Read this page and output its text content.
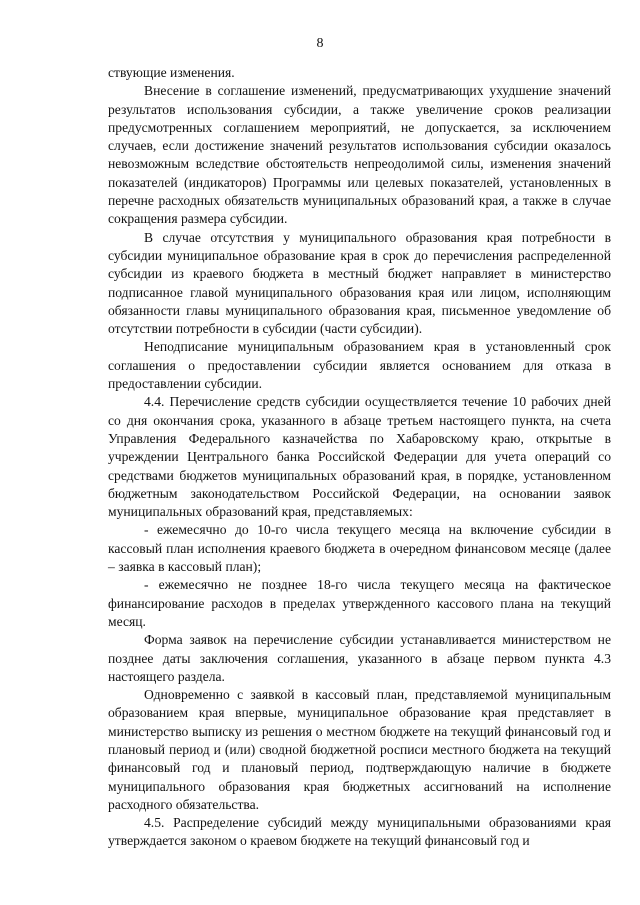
8

ствующие изменения.

Внесение в соглашение изменений, предусматривающих ухудшение значений результатов использования субсидии, а также увеличение сроков реализации предусмотренных соглашением мероприятий, не допускается, за исключением случаев, если достижение значений результатов использования субсидии оказалось невозможным вследствие обстоятельств непреодолимой силы, изменения значений показателей (индикаторов) Программы или целевых показателей, установленных в перечне расходных обязательств муниципальных образований края, а также в случае сокращения размера субсидии.

В случае отсутствия у муниципального образования края потребности в субсидии муниципальное образование края в срок до перечисления распределенной субсидии из краевого бюджета в местный бюджет направляет в министерство подписанное главой муниципального образования края или лицом, исполняющим обязанности главы муниципального образования края, письменное уведомление об отсутствии потребности в субсидии (части субсидии).

Неподписание муниципальным образованием края в установленный срок соглашения о предоставлении субсидии является основанием для отказа в предоставлении субсидии.

4.4. Перечисление средств субсидии осуществляется течение 10 рабочих дней со дня окончания срока, указанного в абзаце третьем настоящего пункта, на счета Управления Федерального казначейства по Хабаровскому краю, открытые в учреждении Центрального банка Российской Федерации для учета операций со средствами бюджетов муниципальных образований края, в порядке, установленном бюджетным законодательством Российской Федерации, на основании заявок муниципальных образований края, представляемых:

- ежемесячно до 10-го числа текущего месяца на включение субсидии в кассовый план исполнения краевого бюджета в очередном финансовом месяце (далее – заявка в кассовый план);

- ежемесячно не позднее 18-го числа текущего месяца на фактическое финансирование расходов в пределах утвержденного кассового плана на текущий месяц.

Форма заявок на перечисление субсидии устанавливается министерством не позднее даты заключения соглашения, указанного в абзаце первом пункта 4.3 настоящего раздела.

Одновременно с заявкой в кассовый план, представляемой муниципальным образованием края впервые, муниципальное образование края представляет в министерство выписку из решения о местном бюджете на текущий финансовый год и плановый период и (или) сводной бюджетной росписи местного бюджета на текущий финансовый год и плановый период, подтверждающую наличие в бюджете муниципального образования края бюджетных ассигнований на исполнение расходного обязательства.

4.5. Распределение субсидий между муниципальными образованиями края утверждается законом о краевом бюджете на текущий финансовый год и
